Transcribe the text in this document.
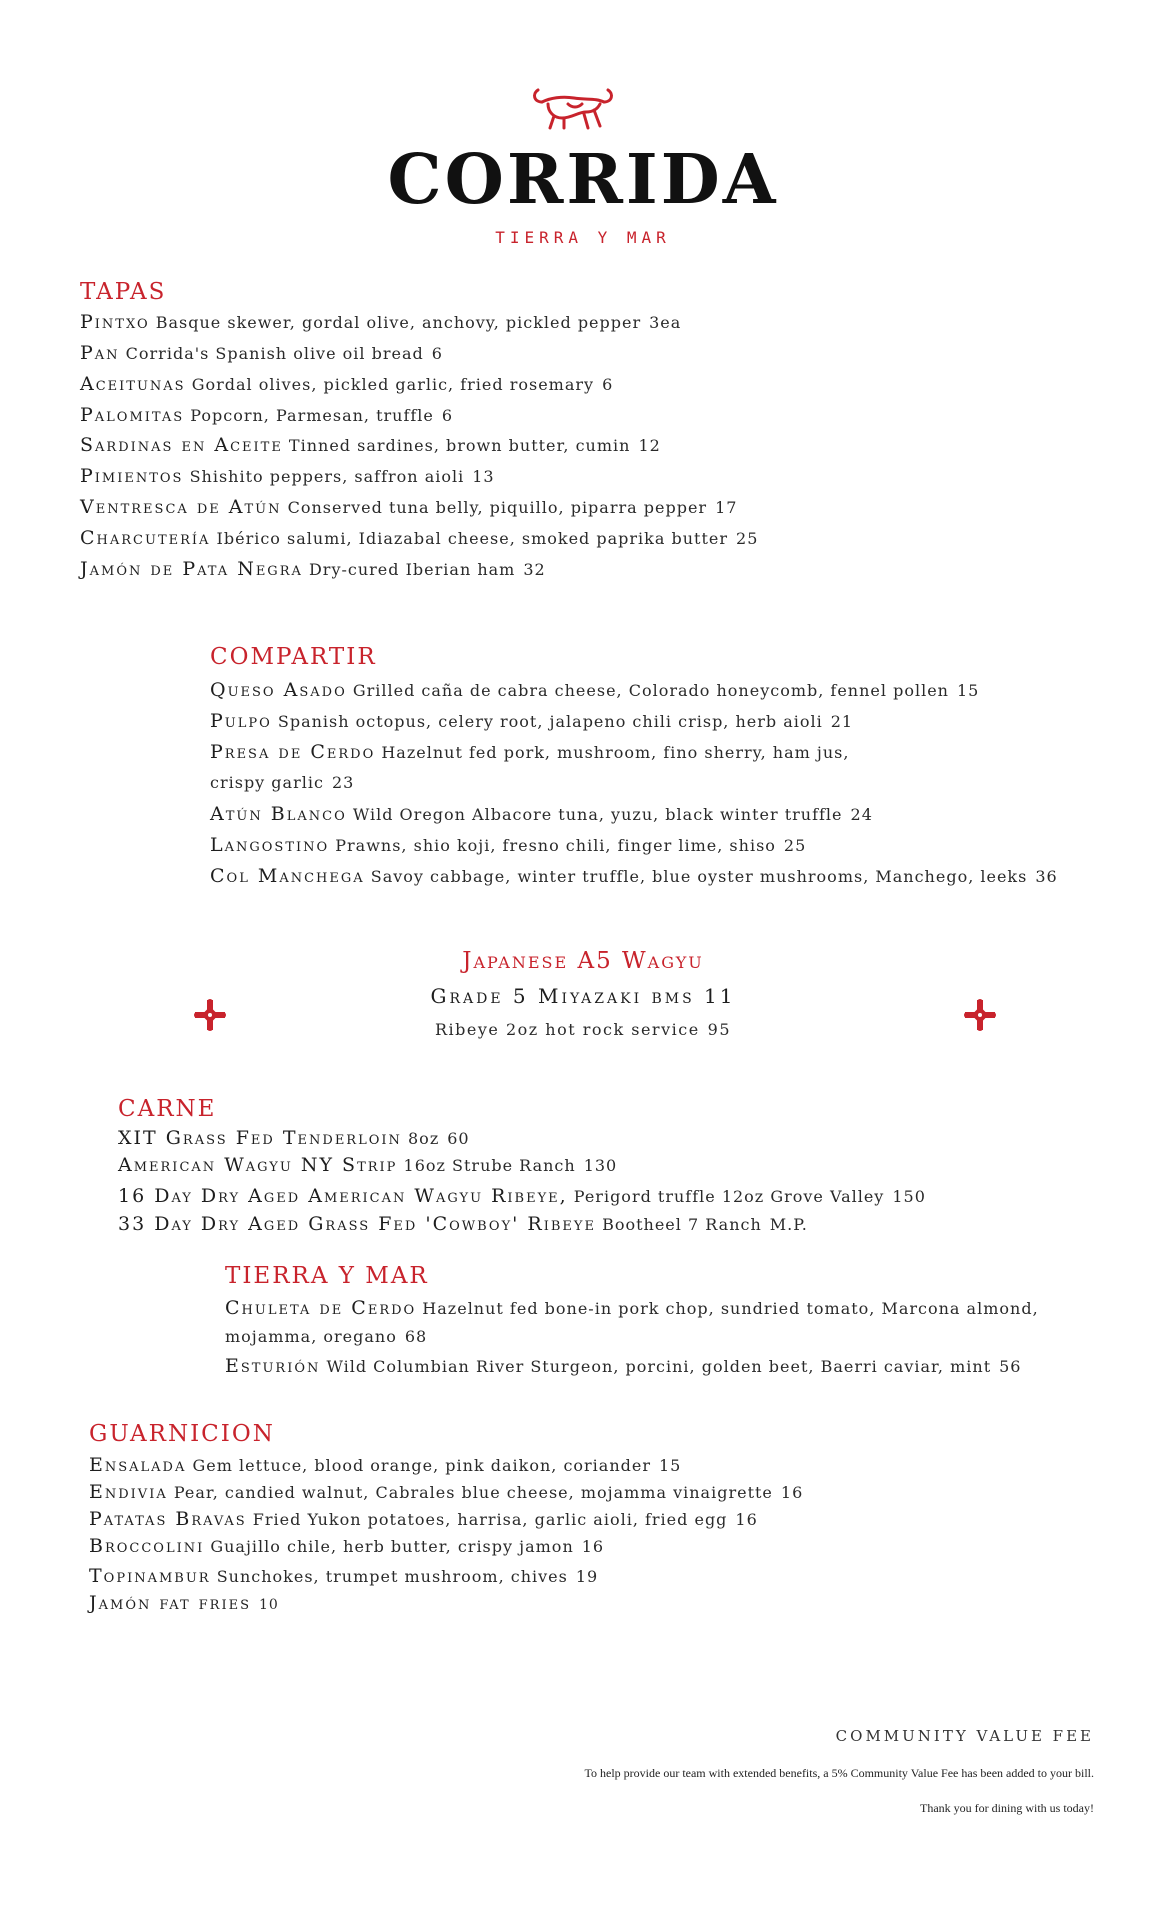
CORRIDA
TIERRA Y MAR
TAPAS
Pintxo Basque skewer, gordal olive, anchovy, pickled pepper 3ea
Pan Corrida's Spanish olive oil bread 6
Aceitunas Gordal olives, pickled garlic, fried rosemary 6
Palomitas Popcorn, Parmesan, truffle 6
Sardinas en Aceite Tinned sardines, brown butter, cumin 12
Pimientos Shishito peppers, saffron aioli 13
Ventresca de Atún Conserved tuna belly, piquillo, piparra pepper 17
Charcutería Ibérico salumi, Idiazabal cheese, smoked paprika butter 25
Jamón de Pata Negra Dry-cured Iberian ham 32
COMPARTIR
Queso Asado Grilled caña de cabra cheese, Colorado honeycomb, fennel pollen 15
Pulpo Spanish octopus, celery root, jalapeno chili crisp, herb aioli 21
Presa de Cerdo Hazelnut fed pork, mushroom, fino sherry, ham jus,
crispy garlic 23
Atún Blanco Wild Oregon Albacore tuna, yuzu, black winter truffle 24
Langostino Prawns, shio koji, fresno chili, finger lime, shiso 25
Col Manchega Savoy cabbage, winter truffle, blue oyster mushrooms, Manchego, leeks 36
Japanese A5 Wagyu
Grade 5 Miyazaki bms 11
Ribeye 2oz hot rock service 95
CARNE
XIT Grass Fed Tenderloin 8oz 60
American Wagyu NY Strip 16oz Strube Ranch 130
16 Day Dry Aged American Wagyu Ribeye, Perigord truffle 12oz Grove Valley 150
33 Day Dry Aged Grass Fed 'Cowboy' Ribeye Bootheel 7 Ranch M.P.
TIERRA Y MAR
Chuleta de Cerdo Hazelnut fed bone-in pork chop, sundried tomato, Marcona almond,
mojamma, oregano 68
Esturión Wild Columbian River Sturgeon, porcini, golden beet, Baerri caviar, mint 56
GUARNICION
Ensalada Gem lettuce, blood orange, pink daikon, coriander 15
Endivia Pear, candied walnut, Cabrales blue cheese, mojamma vinaigrette 16
Patatas Bravas Fried Yukon potatoes, harrisa, garlic aioli, fried egg 16
Broccolini Guajillo chile, herb butter, crispy jamon 16
Topinambur Sunchokes, trumpet mushroom, chives 19
Jamón fat fries 10
COMMUNITY VALUE FEE
To help provide our team with extended benefits, a 5% Community Value Fee has been added to your bill.
Thank you for dining with us today!
